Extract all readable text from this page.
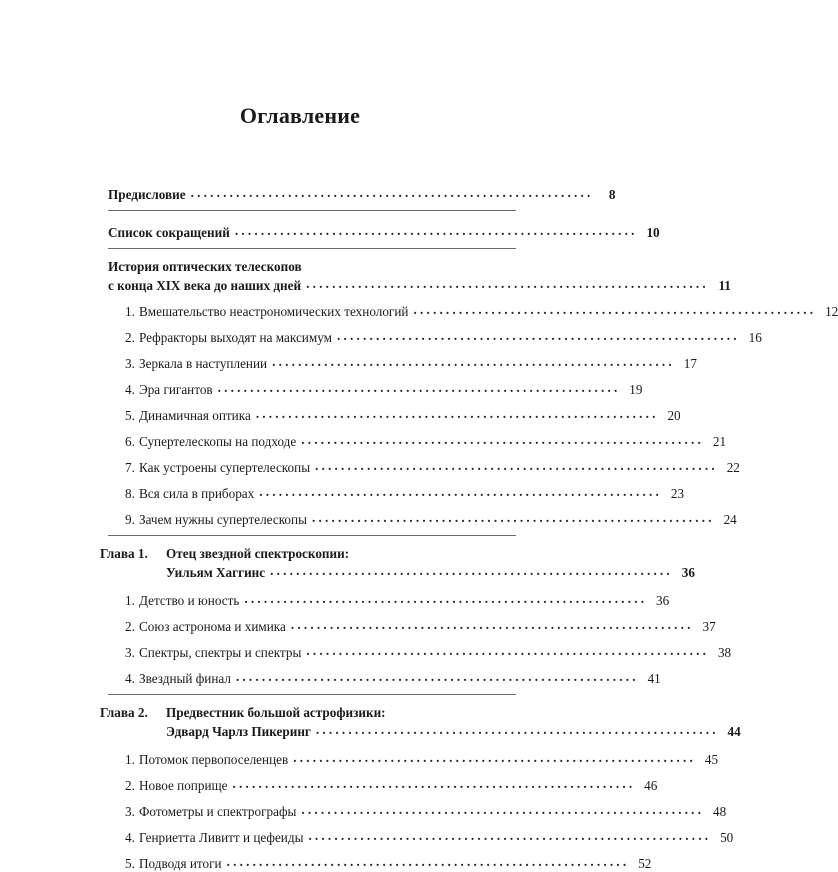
Оглавление
Предисловие ..............................................................	8
Список сокращений .............................................................. 10
История оптических телескопов
с конца XIX века до наших дней .............................................................. 11
1. Вмешательство неастрономических технологий .............................................................. 12
2. Рефракторы выходят на максимум .............................................................. 16
3. Зеркала в наступлении .............................................................. 17
4. Эра гигантов .............................................................. 19
5. Динамичная оптика .............................................................. 20
6. Супертелескопы на подходе .............................................................. 21
7. Как устроены супертелескопы .............................................................. 22
8. Вся сила в приборах .............................................................. 23
9. Зачем нужны супертелескопы .............................................................. 24
Глава 1. Отец звездной спектроскопии:
Уильям Хаггинс .............................................................. 36
1. Детство и юность .............................................................. 36
2. Союз астронома и химика .............................................................. 37
3. Спектры, спектры и спектры .............................................................. 38
4. Звездный финал .............................................................. 41
Глава 2. Предвестник большой астрофизики:
Эдвард Чарлз Пикеринг .............................................................. 44
1. Потомок первопоселенцев .............................................................. 45
2. Новое поприще .............................................................. 46
3. Фотометры и спектрографы .............................................................. 48
4. Генриетта Ливитт и цефеиды .............................................................. 50
5. Подводя итоги .............................................................. 52
